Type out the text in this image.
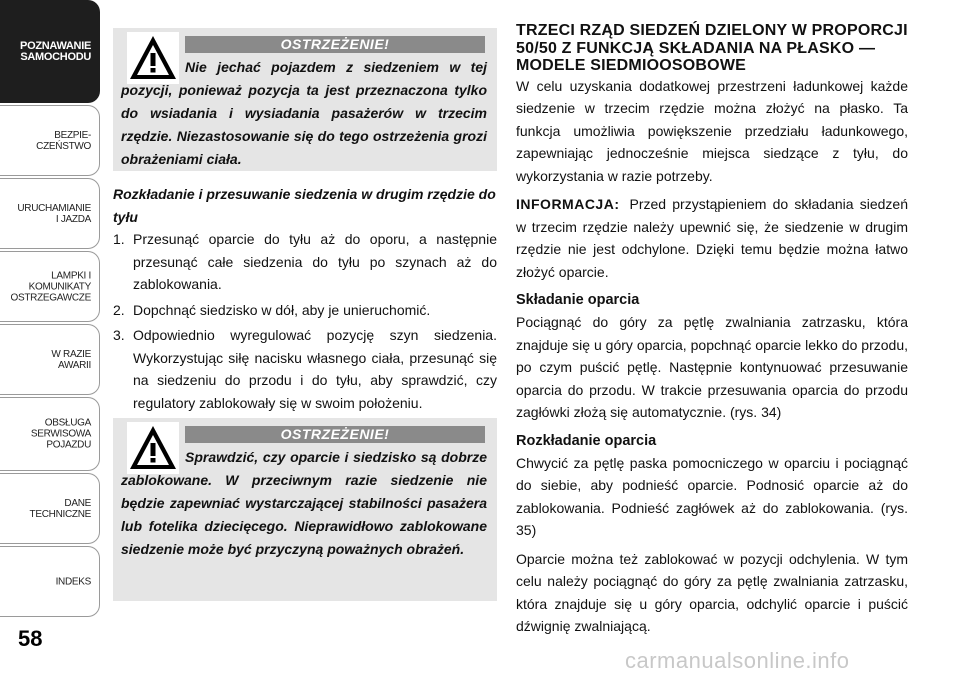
POZNAWANIE
SAMOCHODU
BEZPIE-
CZEŃSTWO
URUCHAMIANIE
I JAZDA
LAMPKI I
KOMUNIKATY
OSTRZEGAWCZE
W RAZIE
AWARII
OBSŁUGA
SERWISOWA
POJAZDU
DANE
TECHNICZNE
INDEKS
58
OSTRZEŻENIE!
Nie jechać pojazdem z siedzeniem w tej pozycji, ponieważ pozycja ta jest przeznaczona tylko do wsiadania i wysiadania pasażerów w trzecim rzędzie. Niezastosowanie się do tego ostrzeżenia grozi obrażeniami ciała.

Rozkładanie i przesuwanie siedzenia w drugim rzędzie do tyłu

1. Przesunąć oparcie do tyłu aż do oporu, a następnie przesunąć całe siedzenia do tyłu po szynach aż do zablokowania.
2. Dopchnąć siedzisko w dół, aby je unieruchomić.
3. Odpowiednio wyregulować pozycję szyn siedzenia. Wykorzystując siłę nacisku własnego ciała, przesunąć się na siedzeniu do przodu i do tyłu, aby sprawdzić, czy regulatory zablokowały się w swoim położeniu.
OSTRZEŻENIE!
Sprawdzić, czy oparcie i siedzisko są dobrze zablokowane. W przeciwnym razie siedzenie nie będzie zapewniać wystarczającej stabilności pasażera lub fotelika dziecięcego. Nieprawidłowo zablokowane siedzenie może być przyczyną poważnych obrażeń.
TRZECI RZĄD SIEDZEŃ DZIELONY W PROPORCJI 50/50 Z FUNKCJĄ SKŁADANIA NA PŁASKO — MODELE SIEDMIOOSOBOWE

W celu uzyskania dodatkowej przestrzeni ładunkowej każde siedzenie w trzecim rzędzie można złożyć na płasko. Ta funkcja umożliwia powiększenie przedziału ładunkowego, zapewniając jednocześnie miejsca siedzące z tyłu, do wykorzystania w razie potrzeby.

INFORMACJA: Przed przystąpieniem do składania siedzeń w trzecim rzędzie należy upewnić się, że siedzenie w drugim rzędzie nie jest odchylone. Dzięki temu będzie można łatwo złożyć oparcie.

Składanie oparcia

Pociągnąć do góry za pętlę zwalniania zatrzasku, która znajduje się u góry oparcia, popchnąć oparcie lekko do przodu, po czym puścić pętlę. Następnie kontynuować przesuwanie oparcia do przodu. W trakcie przesuwania oparcia do przodu zagłówki złożą się automatycznie. (rys. 34)

Rozkładanie oparcia

Chwycić za pętlę paska pomocniczego w oparciu i pociągnąć do siebie, aby podnieść oparcie. Podnosić oparcie aż do zablokowania. Podnieść zagłówek aż do zablokowania. (rys. 35)

Oparcie można też zablokować w pozycji odchylenia. W tym celu należy pociągnąć do góry za pętlę zwalniania zatrzasku, która znajduje się u góry oparcia, odchylić oparcie i puścić dźwignię zwalniającą.

carmanualsonline.info
